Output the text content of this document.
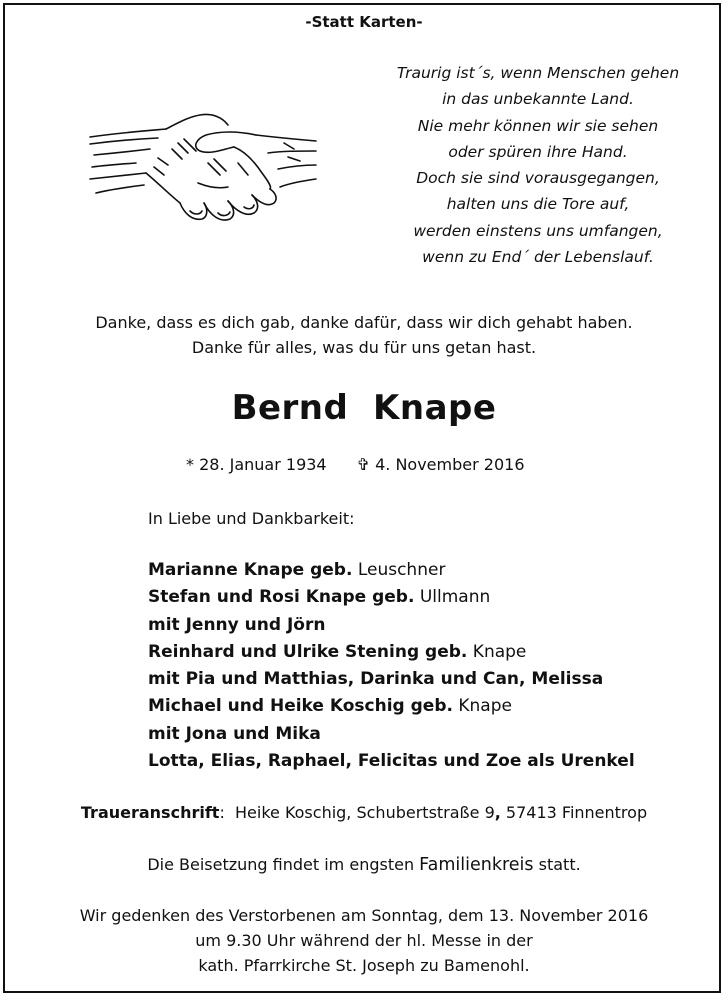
-Statt Karten-
Traurig ist´s, wenn Menschen gehen
in das unbekannte Land.
Nie mehr können wir sie sehen
oder spüren ihre Hand.
Doch sie sind vorausgegangen,
halten uns die Tore auf,
werden einstens uns umfangen,
wenn zu End´ der Lebenslauf.
Danke, dass es dich gab, danke dafür, dass wir dich gehabt haben.
Danke für alles, was du für uns getan hast.
Bernd  Knape
* 28. Januar 1934 ✞ 4. November 2016
In Liebe und Dankbarkeit:
Marianne Knape geb. Leuschner
Stefan und Rosi Knape geb. Ullmann
mit Jenny und Jörn
Reinhard und Ulrike Stening geb. Knape
mit Pia und Matthias, Darinka und Can, Melissa
Michael und Heike Koschig geb. Knape
mit Jona und Mika
Lotta, Elias, Raphael, Felicitas und Zoe als Urenkel
Traueranschrift:  Heike Koschig, Schubertstraße 9, 57413 Finnentrop
Die Beisetzung findet im engsten Familienkreis statt.
Wir gedenken des Verstorbenen am Sonntag, dem 13. November 2016
um 9.30 Uhr während der hl. Messe in der
kath. Pfarrkirche St. Joseph zu Bamenohl.
